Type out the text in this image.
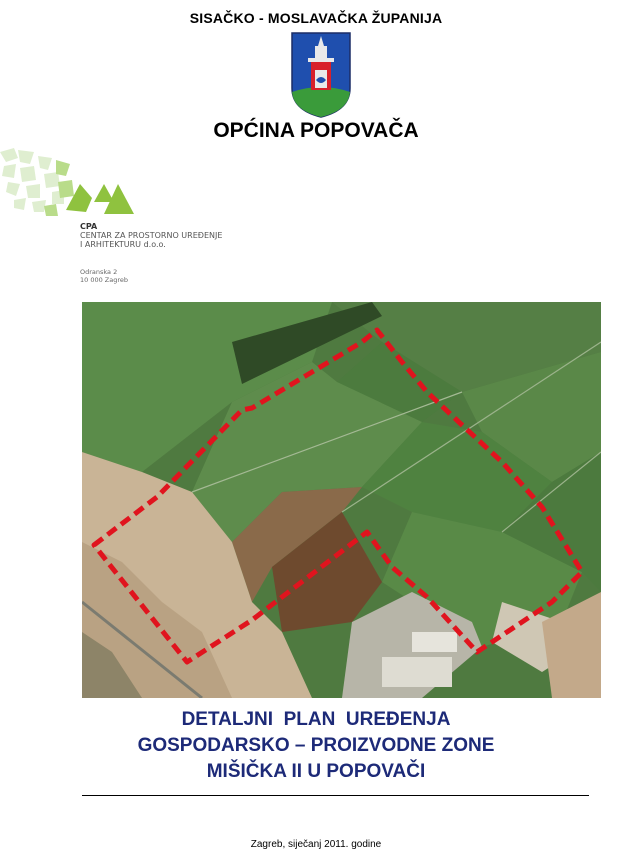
SISAČKO - MOSLAVAČKA ŽUPANIJA
OPĆINA POPOVAČA
CPA
CENTAR ZA PROSTORNO UREĐENJE
I ARHITEKTURU d.o.o.
Odranska 2
10 000 Zagreb
DETALJNI  PLAN  UREĐENJA
GOSPODARSKO – PROIZVODNE ZONE
MIŠIČKA II U POPOVAČI
Zagreb, siječanj 2011. godine
